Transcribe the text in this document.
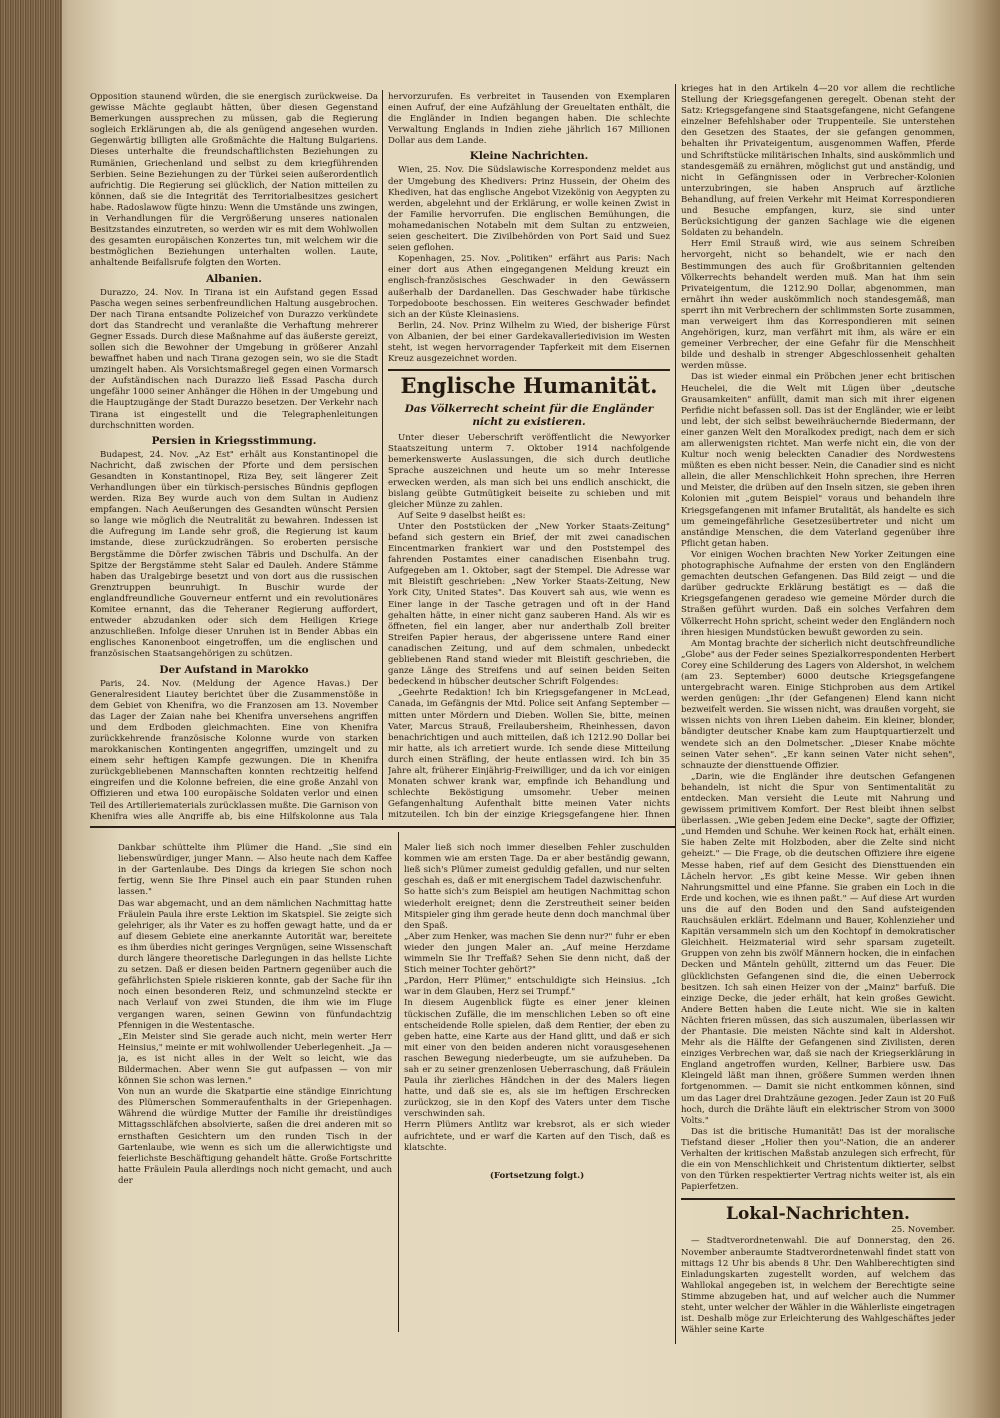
Opposition staunend würden, die sie energisch zurückweise. Da gewisse Mächte geglaubt hätten, über diesen Gegenstand Bemerkungen aussprechen zu müssen, gab die Regierung sogleich Erklärungen ab, die als genügend angesehen wurden. Gegenwärtig billigten alle Großmächte die Haltung Bulgariens. Dieses unterhalte die freundschaftlichsten Beziehungen zu Rumänien, Griechenland und selbst zu dem kriegführenden Serbien. Seine Beziehungen zu der Türkei seien außerordentlich aufrichtig. Die Regierung sei glücklich, der Nation mitteilen zu können, daß sie die Integrität des Territorialbesitzes gesichert habe. Radoslawow fügte hinzu: Wenn die Umstände uns zwingen, in Verhandlungen für die Vergrößerung unseres nationalen Besitzstandes einzutreten, so werden wir es mit dem Wohlwollen des gesamten europäischen Konzertes tun, mit welchem wir die bestmöglichen Beziehungen unterhalten wollen. Laute, anhaltende Beifallsrufe folgten den Worten.

Albanien.

Durazzo, 24. Nov. In Tirana ist ein Aufstand gegen Essad Pascha wegen seines serbenfreundlichen Haltung ausgebrochen. Der nach Tirana entsandte Polizeichef von Durazzo verkündete dort das Standrecht und veranlaßte die Verhaftung mehrerer Gegner Essads. Durch diese Maßnahme auf das äußerste gereizt, sollen sich die Bewohner der Umgebung in größerer Anzahl bewaffnet haben und nach Tirana gezogen sein, wo sie die Stadt umzingelt haben. Als Vorsichtsmaßregel gegen einen Vormarsch der Aufständischen nach Durazzo ließ Essad Pascha durch ungefähr 1000 seiner Anhänger die Höhen in der Umgebung und die Hauptzugänge der Stadt Durazzo besetzen. Der Verkehr nach Tirana ist eingestellt und die Telegraphenleitungen durchschnitten worden.

Persien in Kriegsstimmung.

Budapest, 24. Nov. „Az Est" erhält aus Konstantinopel die Nachricht, daß zwischen der Pforte und dem persischen Gesandten in Konstantinopel, Riza Bey, seit längerer Zeit Verhandlungen über ein türkisch-persisches Bündnis gepflogen werden. Riza Bey wurde auch von dem Sultan in Audienz empfangen. Nach Aeußerungen des Gesandten wünscht Persien so lange wie möglich die Neutralität zu bewahren. Indessen ist die Aufregung im Lande sehr groß, die Regierung ist kaum imstande, diese zurückzudrängen. So eroberten persische Bergstämme die Dörfer zwischen Täbris und Dschulfa. An der Spitze der Bergstämme steht Salar ed Dauleh. Andere Stämme haben das Uralgebirge besetzt und von dort aus die russischen Grenztruppen beunruhigt. In Buschir wurde der englandfreundliche Gouverneur entfernt und ein revolutionäres Komitee ernannt, das die Teheraner Regierung auffordert, entweder abzudanken oder sich dem Heiligen Kriege anzuschließen. Infolge dieser Unruhen ist in Bender Abbas ein englisches Kanonenboot eingetroffen, um die englischen und französischen Staatsangehörigen zu schützen.

Der Aufstand in Marokko

Paris, 24. Nov. (Meldung der Agence Havas.) Der Generalresident Liautey berichtet über die Zusammenstöße in dem Gebiet von Khenifra, wo die Franzosen am 13. November das Lager der Zaian nahe bei Khenifra unversehens angriffen und dem Erdboden gleichmachten. Eine von Khenifra zurückkehrende französische Kolonne wurde von starken marokkanischen Kontingenten angegriffen, umzingelt und zu einem sehr heftigen Kampfe gezwungen. Die in Khenifra zurückgebliebenen Mannschaften konnten rechtzeitig helfend eingreifen und die Kolonne befreien, die eine große Anzahl von Offizieren und etwa 100 europäische Soldaten verlor und einen Teil des Artilleriematerials zurücklassen mußte. Die Garnison von Khenifra wies alle Angriffe ab, bis eine Hilfskolonne aus Tala

hervorzurufen. Es verbreitet in Tausenden von Exemplaren einen Aufruf, der eine Aufzählung der Greueltaten enthält, die die Engländer in Indien begangen haben. Die schlechte Verwaltung Englands in Indien ziehe jährlich 167 Millionen Dollar aus dem Lande.

Kleine Nachrichten.

Wien, 25. Nov. Die Südslawische Korrespondenz meldet aus der Umgebung des Khedivers: Prinz Hussein, der Oheim des Khediven, hat das englische Angebot Vizekönig von Aegypten zu werden, abgelehnt und der Erklärung, er wolle keinen Zwist in der Familie hervorrufen. Die englischen Bemühungen, die mohamedanischen Notabeln mit dem Sultan zu entzweien, seien gescheitert. Die Zivilbehörden von Port Said und Suez seien geflohen.

Kopenhagen, 25. Nov. „Politiken" erfährt aus Paris: Nach einer dort aus Athen eingegangenen Meldung kreuzt ein englisch-französisches Geschwader in den Gewässern außerhalb der Dardanellen. Das Geschwader habe türkische Torpedoboote beschossen. Ein weiteres Geschwader befindet sich an der Küste Kleinasiens.

Berlin, 24. Nov. Prinz Wilhelm zu Wied, der bisherige Fürst von Albanien, der bei einer Gardekavalleriedivision im Westen steht, ist wegen hervorragender Tapferkeit mit dem Eisernen Kreuz ausgezeichnet worden.

Englische Humanität.
Das Völkerrecht scheint für die Engländer nicht zu existieren.

Unter dieser Ueberschrift veröffentlicht die Newyorker Staatszeitung unterm 7. Oktober 1914 nachfolgende bemerkenswerte Auslassungen, die sich durch deutliche Sprache auszeichnen und heute um so mehr Interesse erwecken werden, als man sich bei uns endlich anschickt, die bislang geübte Gutmütigkeit beiseite zu schieben und mit gleicher Münze zu zahlen.

Auf Seite 9 daselbst heißt es:

Unter den Poststücken der „New Yorker Staats-Zeitung" befand sich gestern ein Brief, der mit zwei canadischen Eincentmarken frankiert war und den Poststempel des fahrenden Postamtes einer canadischen Eisenbahn trug. Aufgegeben am 1. Oktober, sagt der Stempel. Die Adresse war mit Bleistift geschrieben: „New Yorker Staats-Zeitung, New York City, United States". Das Kouvert sah aus, wie wenn es Einer lange in der Tasche getragen und oft in der Hand gehalten hätte, in einer nicht ganz sauberen Hand. Als wir es öffneten, fiel ein langer, aber nur anderthalb Zoll breiter Streifen Papier heraus, der abgerissene untere Rand einer canadischen Zeitung, und auf dem schmalen, unbedeckt gebliebenen Rand stand wieder mit Bleistift geschrieben, die ganze Länge des Streifens und auf seinen beiden Seiten bedeckend in hübscher deutscher Schrift Folgendes:

„Geehrte Redaktion! Ich bin Kriegsgefangener in McLead, Canada, im Gefängnis der Mtd. Police seit Anfang September — mitten unter Mördern und Dieben. Wollen Sie, bitte, meinen Vater, Marcus Strauß, Freilaubersheim, Rheinhessen, davon benachrichtigen und auch mitteilen, daß ich 1212.90 Dollar bei mir hatte, als ich arretiert wurde. Ich sende diese Mitteilung durch einen Sträfling, der heute entlassen wird. Ich bin 35 Jahre alt, früherer Einjährig-Freiwilliger, und da ich vor einigen Monaten schwer krank war, empfinde ich Behandlung und schlechte Beköstigung umsomehr. Ueber meinen Gefangenhaltung Aufenthalt bitte meinen Vater nichts mitzuteilen. Ich bin der einzige Kriegsgefangene hier. Ihnen

krieges hat in den Artikeln 4—20 vor allem die rechtliche Stellung der Kriegsgefangenen geregelt. Obenan steht der Satz: Kriegsgefangene sind Staatsgefangene, nicht Gefangene einzelner Befehlshaber oder Truppenteile. Sie unterstehen den Gesetzen des Staates, der sie gefangen genommen, behalten ihr Privateigentum, ausgenommen Waffen, Pferde und Schriftstücke militärischen Inhalts, sind auskömmlich und standesgemäß zu ernähren, möglichst gut und anständig, und nicht in Gefängnissen oder in Verbrecher-Kolonien unterzubringen, sie haben Anspruch auf ärztliche Behandlung, auf freien Verkehr mit Heimat Korrespondieren und Besuche empfangen, kurz, sie sind unter Berücksichtigung der ganzen Sachlage wie die eigenen Soldaten zu behandeln.

Herr Emil Strauß wird, wie aus seinem Schreiben hervorgeht, nicht so behandelt, wie er nach den Bestimmungen des auch für Großbritannien geltenden Völkerrechts behandelt werden muß. Man hat ihm sein Privateigentum, die 1212.90 Dollar, abgenommen, man ernährt ihn weder auskömmlich noch standesgemäß, man sperrt ihn mit Verbrechern der schlimmsten Sorte zusammen, man verweigert ihm das Korrespondieren mit seinen Angehörigen, kurz, man verfährt mit ihm, als wäre er ein gemeiner Verbrecher, der eine Gefahr für die Menschheit bilde und deshalb in strenger Abgeschlossenheit gehalten werden müsse.

Das ist wieder einmal ein Pröbchen jener echt britischen Heuchelei, die die Welt mit Lügen über „deutsche Grausamkeiten" anfüllt, damit man sich mit ihrer eigenen Perfidie nicht befassen soll. Das ist der Engländer, wie er leibt und lebt, der sich selbst beweihräuchernde Biedermann, der einer ganzen Welt den Moralkodex predigt, nach dem er sich am allerwenigsten richtet. Man werfe nicht ein, die von der Kultur noch wenig beleckten Canadier des Nordwestens müßten es eben nicht besser. Nein, die Canadier sind es nicht allein, die aller Menschlichkeit Hohn sprechen, ihre Herren und Meister, die drüben auf den Inseln sitzen, sie geben ihren Kolonien mit „gutem Beispiel" voraus und behandeln ihre Kriegsgefangenen mit infamer Brutalität, als handelte es sich um gemeingefährliche Gesetzesübertreter und nicht um anständige Menschen, die dem Vaterland gegenüber ihre Pflicht getan haben.

Vor einigen Wochen brachten New Yorker Zeitungen eine photographische Aufnahme der ersten von den Engländern gemachten deutschen Gefangenen. Das Bild zeigt — und die darüber gedruckte Erklärung bestätigt es — daß die Kriegsgefangenen geradeso wie gemeine Mörder durch die Straßen geführt wurden. Daß ein solches Verfahren dem Völkerrecht Hohn spricht, scheint weder den Engländern noch ihren hiesigen Mundstücken bewußt geworden zu sein.

Am Montag brachte der sicherlich nicht deutschfreundliche „Globe" aus der Feder seines Spezialkorrespondenten Herbert Corey eine Schilderung des Lagers von Aldershot, in welchem (am 23. September) 6000 deutsche Kriegsgefangene untergebracht waren. Einige Stichproben aus dem Artikel werden genügen: „Ihr (der Gefangenen) Elend kann nicht bezweifelt werden. Sie wissen nicht, was draußen vorgeht, sie wissen nichts von ihren Lieben daheim. Ein kleiner, blonder, bändigter deutscher Knabe kam zum Hauptquartierzelt und wendete sich an den Dolmetscher. „Dieser Knabe möchte seinen Vater sehen". „Er kann seinen Vater nicht sehen", schnauzte der diensttuende Offizier.

„Darin, wie die Engländer ihre deutschen Gefangenen behandeln, ist nicht die Spur von Sentimentalität zu entdecken. Man versieht die Leute mit Nahrung und gewissem primitivem Komfort. Der Rest bleibt ihnen selbst überlassen. „Wie geben Jedem eine Decke", sagte der Offizier, „und Hemden und Schuhe. Wer keinen Rock hat, erhält einen. Sie haben Zelte mit Holzboden, aber die Zelte sind nicht geheizt." — Die Frage, ob die deutschen Offiziere ihre eigene Messe haben, rief auf dem Gesicht des Diensttuenden ein Lächeln hervor. „Es gibt keine Messe. Wir geben ihnen Nahrungsmittel und eine Pfanne. Sie graben ein Loch in die Erde und kochen, wie es ihnen paßt." — Auf diese Art wurden uns die auf den Boden und den Sand aufsteigenden Rauchsäulen erklärt. Edelmann und Bauer, Kohlenzieher und Kapitän versammeln sich um den Kochtopf in demokratischer Gleichheit. Heizmaterial wird sehr sparsam zugeteilt. Gruppen von zehn bis zwölf Männern hocken, die in einfachen Decken und Mänteln gehüllt, zitternd um das Feuer. Die glücklichsten Gefangenen sind die, die einen Ueberrock besitzen. Ich sah einen Heizer von der „Mainz" barfuß. Die einzige Decke, die jeder erhält, hat kein großes Gewicht. Andere Betten haben die Leute nicht. Wie sie in kalten Nächten frieren müssen, das sich auszumalen, überlassen wir der Phantasie. Die meisten Nächte sind kalt in Aldershot. Mehr als die Hälfte der Gefangenen sind Zivilisten, deren einziges Verbrechen war, daß sie nach der Kriegserklärung in England angetroffen wurden, Kellner, Barbiere usw. Das Kleingeld läßt man ihnen, größere Summen werden ihnen fortgenommen. — Damit sie nicht entkommen können, sind um das Lager drei Drahtzäune gezogen. Jeder Zaun ist 20 Fuß hoch, durch die Drähte läuft ein elektrischer Strom von 3000 Volts."

Das ist die britische Humanität! Das ist der moralische Tiefstand dieser „Holier then you"-Nation, die an anderer Verhalten der kritischen Maßstab anzulegen sich erfrecht, für die ein von Menschlichkeit und Christentum diktierter, selbst von den Türken respektierter Vertrag nichts weiter ist, als ein Papierfetzen.

Lokal-Nachrichten.

25. November.

— Stadtverordnetenwahl. Die auf Donnerstag, den 26. November anberaumte Stadtverordnetenwahl findet statt von mittags 12 Uhr bis abends 8 Uhr. Den Wahlberechtigten sind Einladungskarten zugestellt worden, auf welchem das Wahllokal angegeben ist, in welchem der Berechtigte seine Stimme abzugeben hat, und auf welcher auch die Nummer steht, unter welcher der Wähler in die Wählerliste eingetragen ist. Deshalb möge zur Erleichterung des Wahlgeschäftes jeder Wähler seine Karte

Dankbar schüttelte ihm Plümer die Hand. „Sie sind ein liebenswürdiger, junger Mann. — Also heute nach dem Kaffee in der Gartenlaube. Des Dings da kriegen Sie schon noch fertig, wenn Sie Ihre Pinsel auch ein paar Stunden ruhen lassen."
Das war abgemacht, und an dem nämlichen Nachmittag hatte Fräulein Paula ihre erste Lektion im Skatspiel. Sie zeigte sich gelehriger, als ihr Vater es zu hoffen gewagt hatte, und da er auf diesem Gebiete eine anerkannte Autorität war, bereitete es ihm überdies nicht geringes Vergnügen, seine Wissenschaft durch längere theoretische Darlegungen in das hellste Lichte zu setzen. Daß er diesen beiden Partnern gegenüber auch die gefährlichsten Spiele riskieren konnte, gab der Sache für ihn noch einen besonderen Reiz, und schmunzelnd steckte er nach Verlauf von zwei Stunden, die ihm wie im Fluge vergangen waren, seinen Gewinn von fünfundachtzig Pfennigen in die Westentasche.
„Ein Meister sind Sie gerade auch nicht, mein werter Herr Heinsius," meinte er mit wohlwollender Ueberlegenheit. „Ja — ja, es ist nicht alles in der Welt so leicht, wie das Bildermachen. Aber wenn Sie gut aufpassen — von mir können Sie schon was lernen."
Von nun an wurde die Skatpartie eine ständige Einrichtung des Plümerschen Sommeraufenthalts in der Griepenhagen. Während die würdige Mutter der Familie ihr dreistündiges Mittagsschläfchen absolvierte, saßen die drei anderen mit so ernsthaften Gesichtern um den runden Tisch in der Gartenlaube, wie wenn es sich um die allerwichtigste und feierlichste Beschäftigung gehandelt hätte. Große Fortschritte hatte Fräulein Paula allerdings noch nicht gemacht, und auch der

Maler ließ sich noch immer dieselben Fehler zuschulden kommen wie am ersten Tage. Da er aber beständig gewann, ließ sich's Plümer zumeist geduldig gefallen, und nur selten geschah es, daß er mit energischem Tadel dazwischenfuhr.
So hatte sich's zum Beispiel am heutigen Nachmittag schon wiederholt ereignet; denn die Zerstreutheit seiner beiden Mitspieler ging ihm gerade heute denn doch manchmal über den Spaß.
„Aber zum Henker, was machen Sie denn nur?" fuhr er eben wieder den jungen Maler an. „Auf meine Herzdame wimmeln Sie Ihr Treffaß? Sehen Sie denn nicht, daß der Stich meiner Tochter gehört?"
„Pardon, Herr Plümer," entschuldigte sich Heinsius. „Ich war in dem Glauben, Herz sei Trumpf."
In diesem Augenblick fügte es einer jener kleinen tückischen Zufälle, die im menschlichen Leben so oft eine entscheidende Rolle spielen, daß dem Rentier, der eben zu geben hatte, eine Karte aus der Hand glitt, und daß er sich mit einer von den beiden anderen nicht vorausgesehenen raschen Bewegung niederbeugte, um sie aufzuheben. Da sah er zu seiner grenzenlosen Ueberraschung, daß Fräulein Paula ihr zierliches Händchen in der des Malers liegen hatte, und daß sie es, als sie im heftigen Erschrecken zurückzog, sie in den Kopf des Vaters unter dem Tische verschwinden sah.
Herrn Plümers Antlitz war krebsrot, als er sich wieder aufrichtete, und er warf die Karten auf den Tisch, daß es klatschte.

(Fortsetzung folgt.)
